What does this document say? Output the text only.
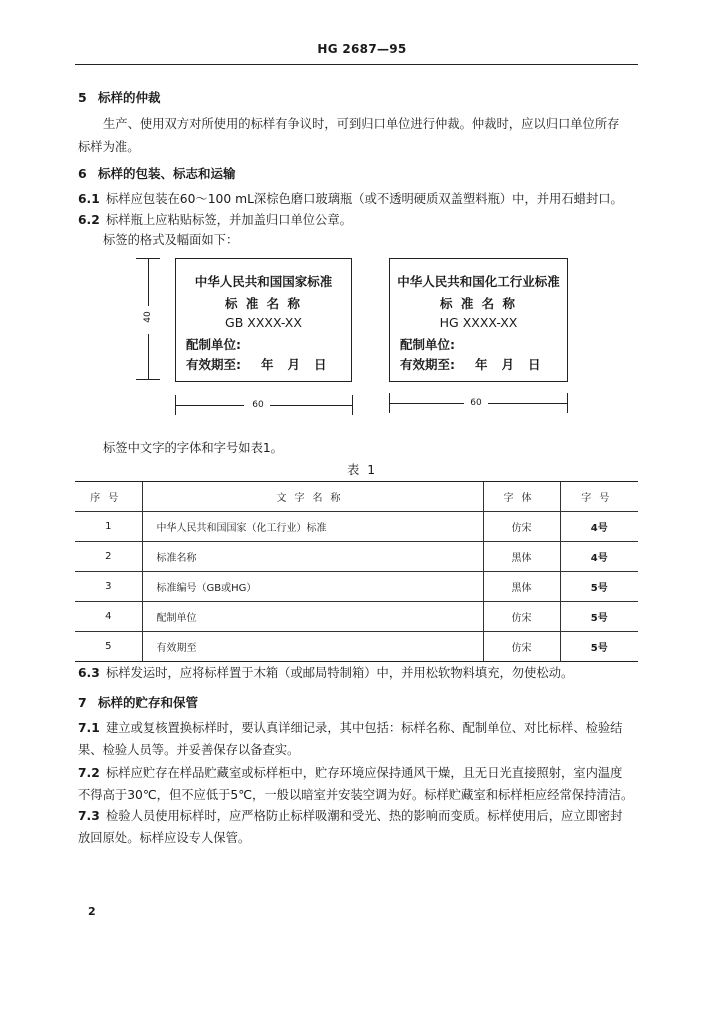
HG 2687—95
5 标样的仲裁
生产、使用双方对所使用的标样有争议时，可到归口单位进行仲裁。仲裁时，应以归口单位所存
标样为准。
6 标样的包装、标志和运输
6.1 标样应包装在60～100 mL深棕色磨口玻璃瓶（或不透明硬质双盖塑料瓶）中，并用石蜡封口。
6.2 标样瓶上应粘贴标签，并加盖归口单位公章。
标签的格式及幅面如下：
40
中华人民共和国国家标准
标 准 名 称
GB XXXX-XX
配制单位:
有效期至: 年 月 日
60
中华人民共和国化工行业标准
标 准 名 称
HG XXXX-XX
配制单位:
有效期至: 年 月 日
60
标签中文字的字体和字号如表1。
表 1
序号	文字名称	字体	字号
1	中华人民共和国国家（化工行业）标准	仿宋	4号
2	标准名称	黑体	4号
3	标准编号（GB或HG）	黑体	5号
4	配制单位	仿宋	5号
5	有效期至	仿宋	5号
6.3 标样发运时，应将标样置于木箱（或邮局特制箱）中，并用松软物料填充，勿使松动。
7 标样的贮存和保管
7.1 建立或复核置换标样时，要认真详细记录，其中包括：标样名称、配制单位、对比标样、检验结
果、检验人员等。并妥善保存以备查实。
7.2 标样应贮存在样品贮藏室或标样柜中，贮存环境应保持通风干燥，且无日光直接照射，室内温度
不得高于30℃，但不应低于5℃，一般以暗室并安装空调为好。标样贮藏室和标样柜应经常保持清洁。
7.3 检验人员使用标样时，应严格防止标样吸潮和受光、热的影响而变质。标样使用后，应立即密封
放回原处。标样应设专人保管。
2
